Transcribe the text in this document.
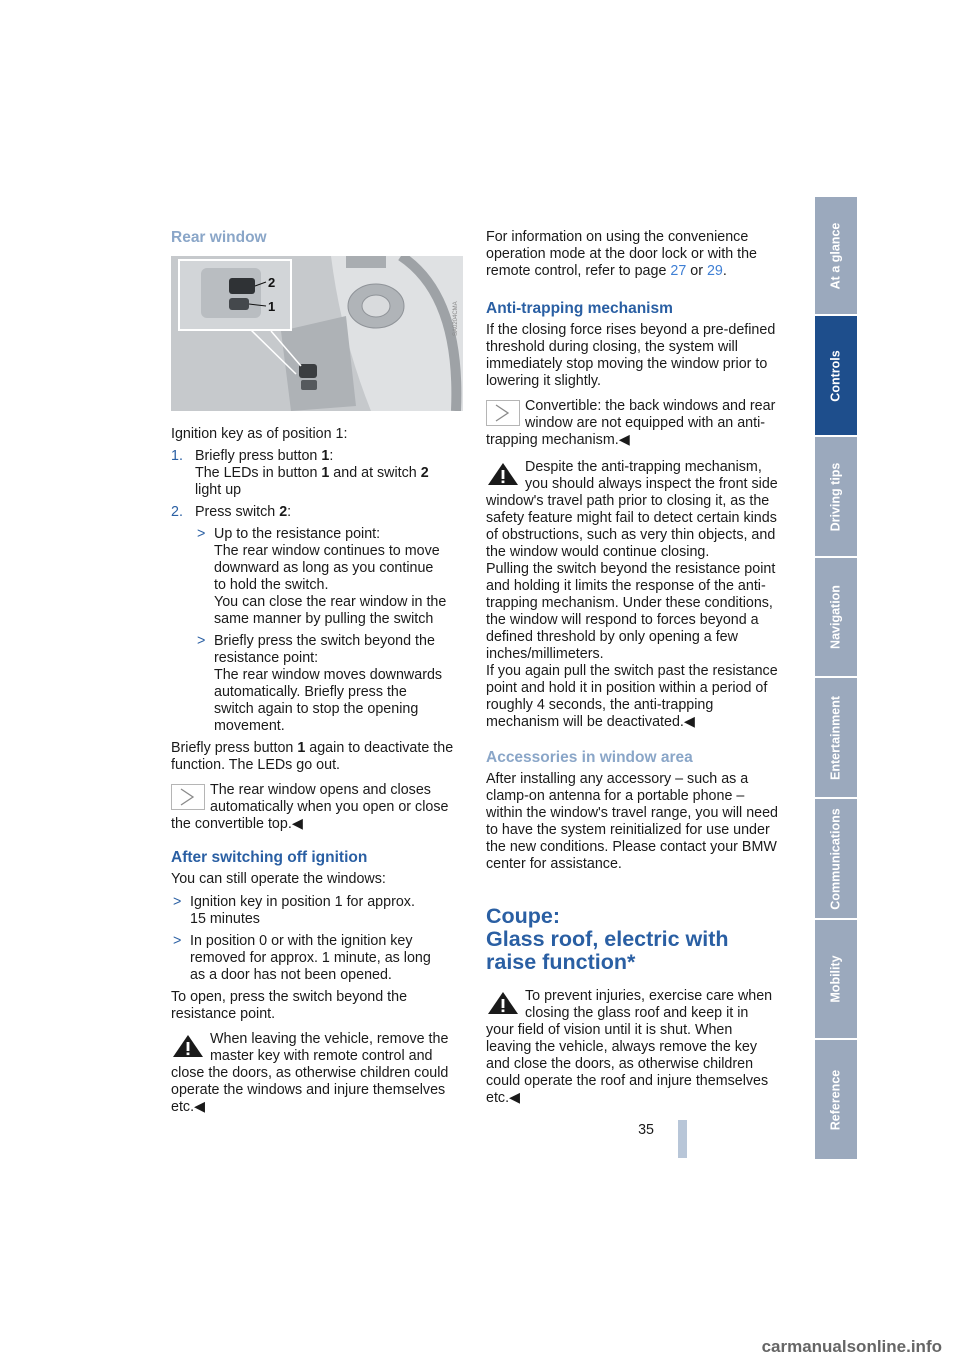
Rear window
2
1	SA0204CMA

Ignition key as of position 1:

1. Briefly press button 1:
The LEDs in button 1 and at switch 2
light up
2. Press switch 2:
> Up to the resistance point:
The rear window continues to move
downward as long as you continue
to hold the switch.
You can close the rear window in the
same manner by pulling the switch
> Briefly press the switch beyond the
resistance point:
The rear window moves downwards
automatically. Briefly press the
switch again to stop the opening
movement.

Briefly press button 1 again to deactivate the function. The LEDs go out.

The rear window opens and closes automatically when you open or close the convertible top.◀
After switching off ignition

You can still operate the windows:

> Ignition key in position 1 for approx.
15 minutes
> In position 0 or with the ignition key
removed for approx. 1 minute, as long
as a door has not been opened.

To open, press the switch beyond the resistance point.

When leaving the vehicle, remove the master key with remote control and close the doors, as otherwise children could operate the windows and injure themselves etc.◀

For information on using the convenience operation mode at the door lock or with the remote control, refer to page 27 or 29.

Anti-trapping mechanism

If the closing force rises beyond a pre-defined threshold during closing, the system will immediately stop moving the window prior to lowering it slightly.

Convertible: the back windows and rear window are not equipped with an anti-trapping mechanism.◀
Despite the anti-trapping mechanism, you should always inspect the front side window's travel path prior to closing it, as the safety feature might fail to detect certain kinds of obstructions, such as very thin objects, and the window would continue closing.
Pulling the switch beyond the resistance point and holding it limits the response of the anti-trapping mechanism. Under these conditions, the window will respond to forces beyond a defined threshold by only opening a few inches/millimeters.
If you again pull the switch past the resistance point and hold it in position within a period of roughly 4 seconds, the anti-trapping mechanism will be deactivated.◀
Accessories in window area

After installing any accessory – such as a clamp-on antenna for a portable phone – within the window's travel range, you will need to have the system reinitialized for use under the new conditions. Please contact your BMW center for assistance.

Coupe:
Glass roof, electric with
raise function*
To prevent injuries, exercise care when closing the glass roof and keep it in your field of vision until it is shut. When leaving the vehicle, always remove the key and close the doors, as otherwise children could operate the roof and injure themselves etc.◀
At a glance
Controls
Driving tips
Navigation
Entertainment
Communications
Mobility
Reference
35
carmanualsonline.info
